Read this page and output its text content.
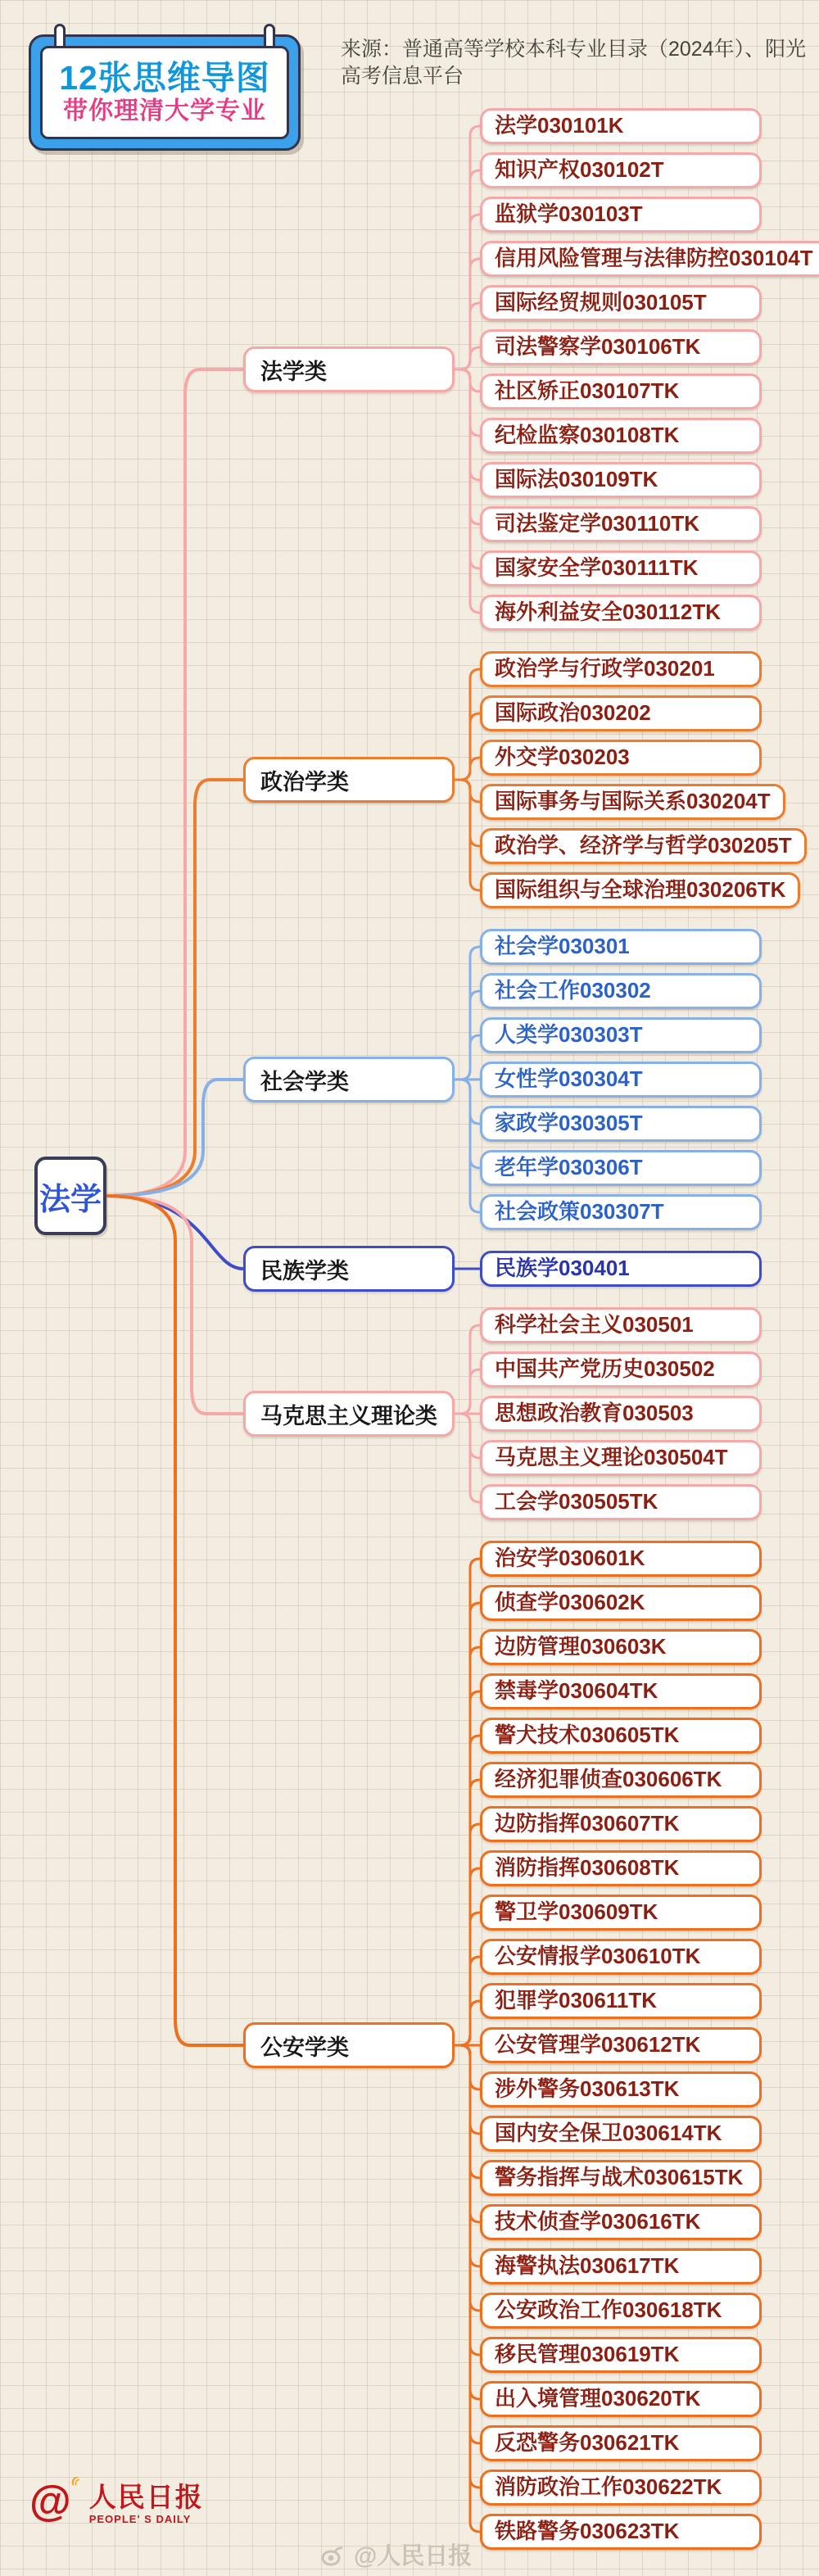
12张思维导图
带你理清大学专业
来源：普通高等学校本科专业目录（2024年）、阳光高考信息平台
法学
法学030101K
知识产权030102T
监狱学030103T
信用风险管理与法律防控030104T
国际经贸规则030105T
司法警察学030106TK
社区矫正030107TK
纪检监察030108TK
国际法030109TK
司法鉴定学030110TK
国家安全学030111TK
海外利益安全030112TK
政治学与行政学030201
国际政治030202
外交学030203
国际事务与国际关系030204T
政治学、经济学与哲学030205T
国际组织与全球治理030206TK
社会学030301
社会工作030302
人类学030303T
女性学030304T
家政学030305T
老年学030306T
社会政策030307T
民族学030401
科学社会主义030501
中国共产党历史030502
思想政治教育030503
马克思主义理论030504T
工会学030505TK
治安学030601K
侦查学030602K
边防管理030603K
禁毒学030604TK
警犬技术030605TK
经济犯罪侦查030606TK
边防指挥030607TK
消防指挥030608TK
警卫学030609TK
公安情报学030610TK
犯罪学030611TK
公安管理学030612TK
涉外警务030613TK
国内安全保卫030614TK
警务指挥与战术030615TK
技术侦查学030616TK
海警执法030617TK
公安政治工作030618TK
移民管理030619TK
出入境管理030620TK
反恐警务030621TK
消防政治工作030622TK
铁路警务030623TK
@ 人民日报
PEOPLE' S DAILY
@人民日报
法学类
政治学类
社会学类
民族学类
马克思主义理论类
公安学类
